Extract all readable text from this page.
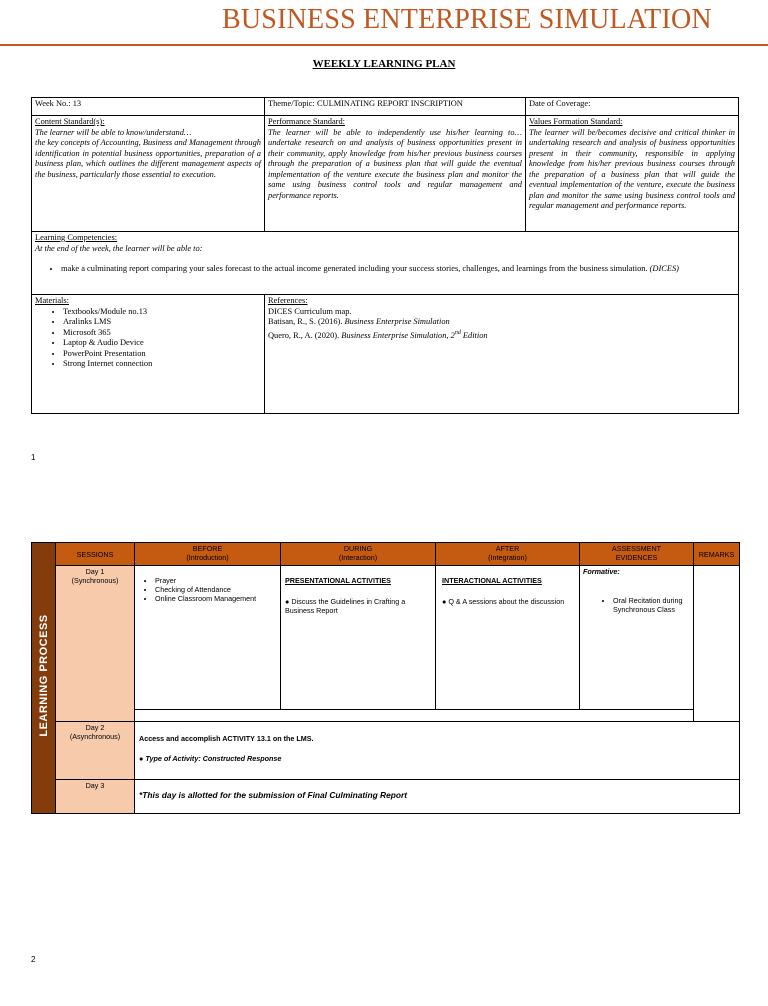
BUSINESS ENTERPRISE SIMULATION
WEEKLY LEARNING PLAN
Week No.: 13	Theme/Topic: CULMINATING REPORT INSCRIPTION	Date of Coverage:
Content Standard(s):
The learner will be able to know/understand…
the key concepts of Accounting, Business and Management through identification in potential business opportunities, preparation of a business plan, which outlines the different management aspects of the business, particularly those essential to execution.
Performance Standard:
The learner will be able to independently use his/her learning to… undertake research on and analysis of business opportunities present in their community, apply knowledge from his/her previous business courses through the preparation of a business plan that will guide the eventual implementation of the venture execute the business plan and monitor the same using business control tools and regular management and performance reports.
Values Formation Standard:
The learner will be/becomes decisive and critical thinker in undertaking research and analysis of business opportunities present in their community, responsible in applying knowledge from his/her previous business courses through the preparation of a business plan that will guide the eventual implementation of the venture, execute the business plan and monitor the same using business control tools and regular management and performance reports.
Learning Competencies:
At the end of the week, the learner will be able to:
• make a culminating report comparing your sales forecast to the actual income generated including your success stories, challenges, and learnings from the business simulation. (DICES)
Materials:
• Textbooks/Module no.13
• Aralinks LMS
• Microsoft 365
• Laptop & Audio Device
• PowerPoint Presentation
• Strong Internet connection
References:
DICES Curriculum map.
Batisan, R., S. (2016). Business Enterprise Simulation
Quero, R., A. (2020). Business Enterprise Simulation, 2nd Edition
1
LEARNING PROCESS
SESSIONS
BEFORE
(Introduction)
DURING
(Interaction)
AFTER
(Integration)
ASSESSMENT
EVIDENCES	REMARKS
Day 1
(Synchronous)
•	Prayer
• Checking of Attendance
• Online Classroom Management
PRESENTATIONAL ACTIVITIES
● Discuss the Guidelines in Crafting a Business Report
INTERACTIONAL ACTIVITIES
● Q & A sessions about the discussion
Formative:
• Oral Recitation during Synchronous Class
Day 2
(Asynchronous)	Access and accomplish ACTIVITY 13.1 on the LMS.
● Type of Activity: Constructed Response
Day 3
*This day is allotted for the submission of Final Culminating Report
2
